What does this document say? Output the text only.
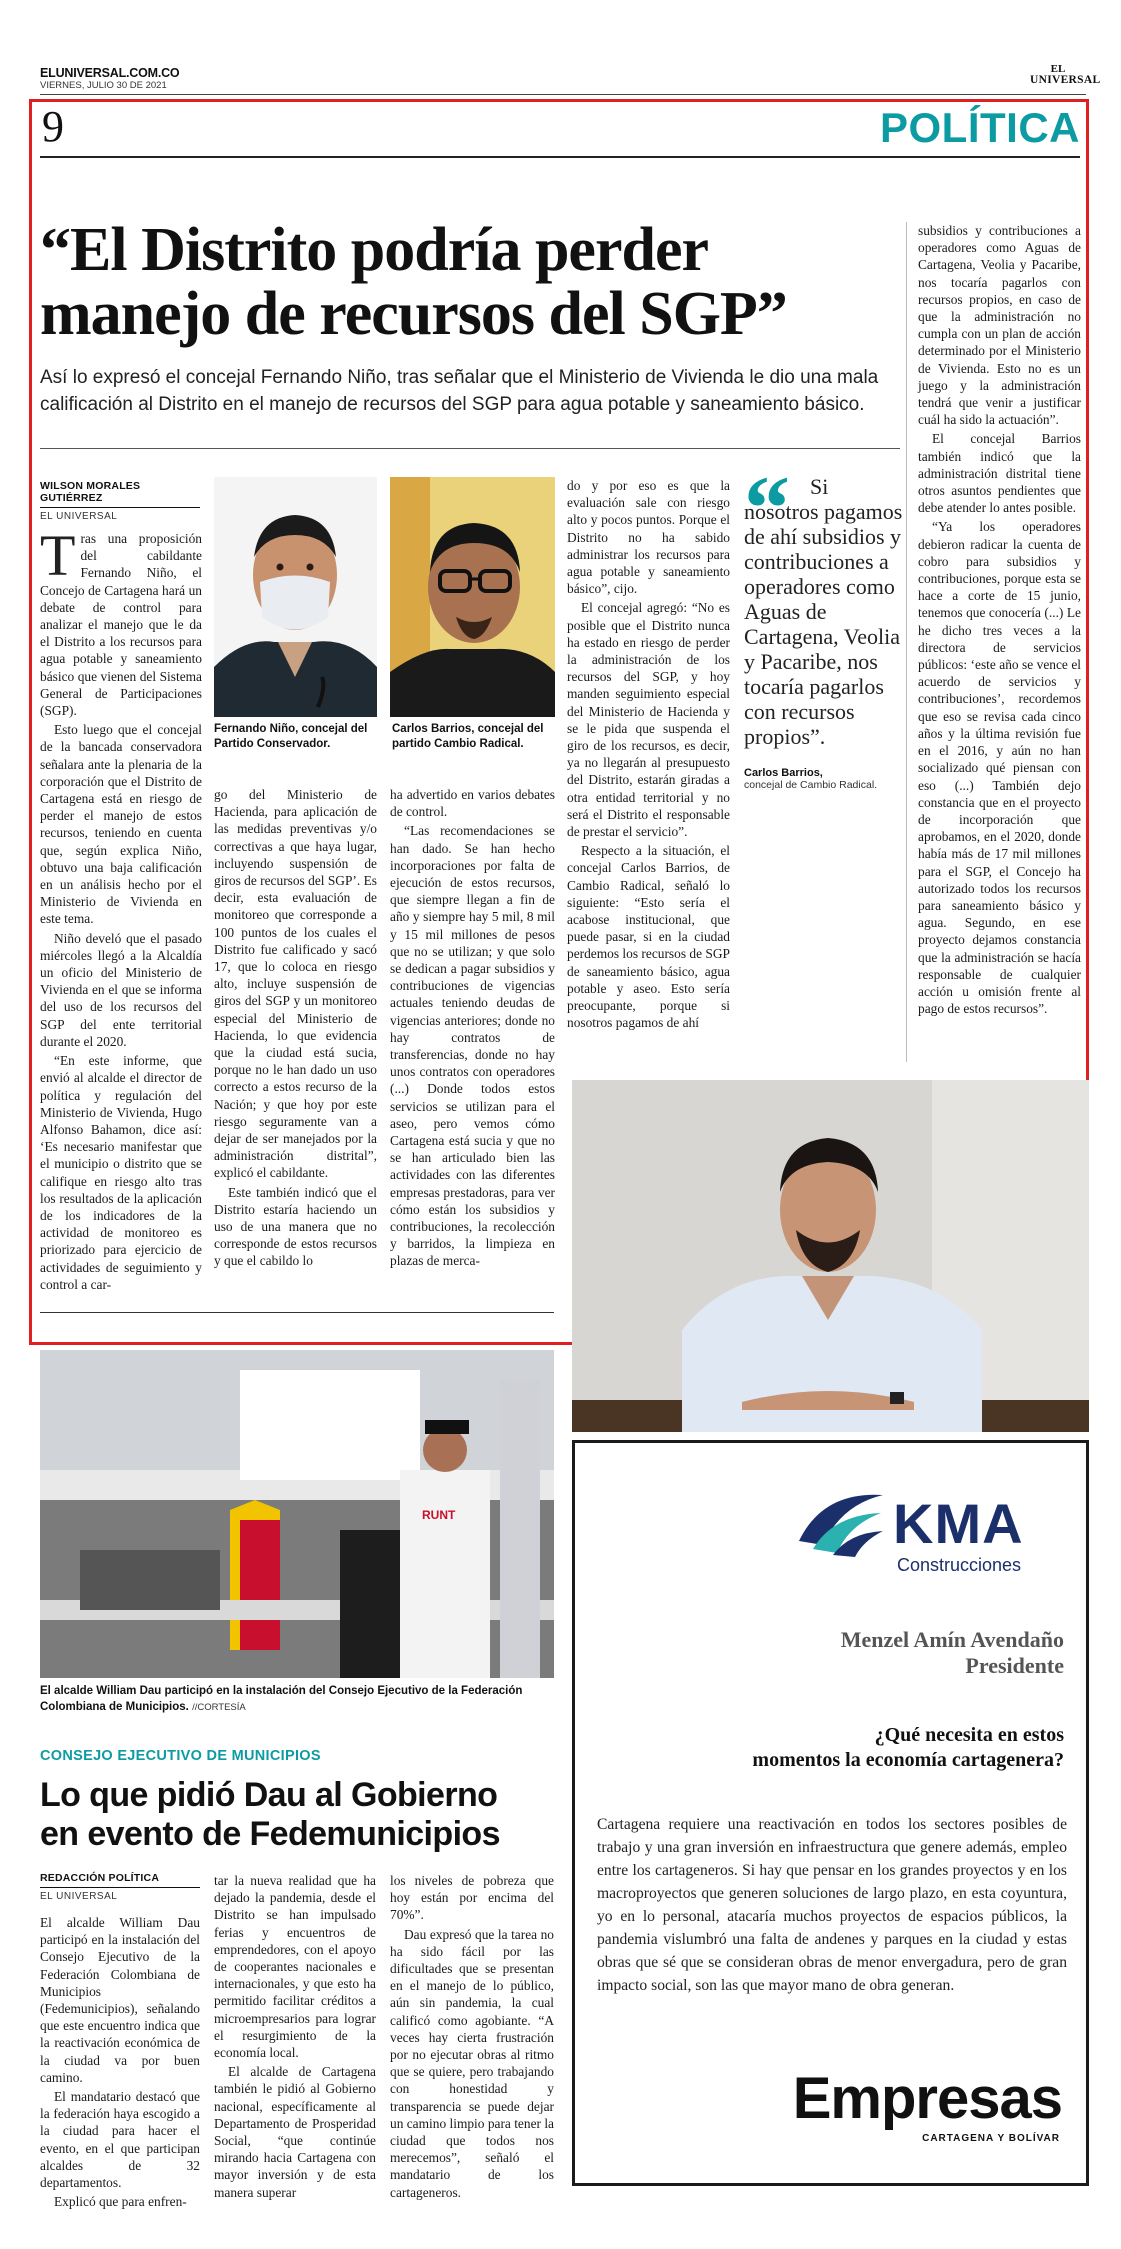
ELUNIVERSAL.COM.CO
VIERNES, JULIO 30 DE 2021
EL
UNIVERSAL
9	POLÍTICA
“El Distrito podría perder
manejo de recursos del SGP”
Así lo expresó el concejal Fernando Niño, tras señalar que el Ministerio de Vivienda le dio una mala calificación al Distrito en el manejo de recursos del SGP para agua potable y saneamiento básico.
WILSON MORALES GUTIÉRREZ
EL UNIVERSAL

Tras una proposición del cabildante Fernando Niño, el Concejo de Cartagena hará un debate de control para analizar el manejo que le da el Distrito a los recursos para agua potable y saneamiento básico que vienen del Sistema General de Participaciones (SGP).

Esto luego que el concejal de la bancada conservadora señalara ante la plenaria de la corporación que el Distrito de Cartagena está en riesgo de perder el manejo de estos recursos, teniendo en cuenta que, según explica Niño, obtuvo una baja calificación en un análisis hecho por el Ministerio de Vivienda en este tema.

Niño develó que el pasado miércoles llegó a la Alcaldía un oficio del Ministerio de Vivienda en el que se informa del uso de los recursos del SGP del ente territorial durante el 2020.

“En este informe, que envió al alcalde el director de política y regulación del Ministerio de Vivienda, Hugo Alfonso Bahamon, dice así: ‘Es necesario manifestar que el municipio o distrito que se califique en riesgo alto tras los resultados de la aplicación de los indicadores de la actividad de monitoreo es priorizado para ejercicio de actividades de seguimiento y control a car-

Fernando Niño, concejal del Partido Conservador.
Carlos Barrios, concejal del partido Cambio Radical.

go del Ministerio de Hacienda, para aplicación de las medidas preventivas y/o correctivas a que haya lugar, incluyendo suspensión de giros de recursos del SGP’. Es decir, esta evaluación de monitoreo que corresponde a 100 puntos de los cuales el Distrito fue calificado y sacó 17, que lo coloca en riesgo alto, incluye suspensión de giros del SGP y un monitoreo especial del Ministerio de Hacienda, lo que evidencia que la ciudad está sucia, porque no le han dado un uso correcto a estos recurso de la Nación; y que hoy por este riesgo seguramente van a dejar de ser manejados por la administración distrital”, explicó el cabildante.

Este también indicó que el Distrito estaría haciendo un uso de una manera que no corresponde de estos recursos y que el cabildo lo

ha advertido en varios debates de control.

“Las recomendaciones se han dado. Se han hecho incorporaciones por falta de ejecución de estos recursos, que siempre llegan a fin de año y siempre hay 5 mil, 8 mil y 15 mil millones de pesos que no se utilizan; y que solo se dedican a pagar subsidios y contribuciones de vigencias actuales teniendo deudas de vigencias anteriores; donde no hay contratos de transferencias, donde no hay unos contratos con operadores (...) Donde todos estos servicios se utilizan para el aseo, pero vemos cómo Cartagena está sucia y que no se han articulado bien las actividades con las diferentes empresas prestadoras, para ver cómo están los subsidios y contribuciones, la recolección y barridos, la limpieza en plazas de merca-

do y por eso es que la evaluación sale con riesgo alto y pocos puntos. Porque el Distrito no ha sabido administrar los recursos para agua potable y saneamiento básico”, cijo.

El concejal agregó: “No es posible que el Distrito nunca ha estado en riesgo de perder la administración de los recursos del SGP, y hoy manden seguimiento especial del Ministerio de Hacienda y se le pida que suspenda el giro de los recursos, es decir, ya no llegarán al presupuesto del Distrito, estarán giradas a otra entidad territorial y no será el Distrito el responsable de prestar el servicio”.

Respecto a la situación, el concejal Carlos Barrios, de Cambio Radical, señaló lo siguiente: “Esto sería el acabose institucional, que puede pasar, si en la ciudad perdemos los recursos de SGP de saneamiento básico, agua potable y aseo. Esto sería preocupante, porque si nosotros pagamos de ahí

“ Si nosotros pagamos de ahí subsidios y contribuciones a operadores como Aguas de Cartagena, Veolia y Pacaribe, nos tocaría pagarlos con recursos propios”.
Carlos Barrios,
concejal de Cambio Radical.

subsidios y contribuciones a operadores como Aguas de Cartagena, Veolia y Pacaribe, nos tocaría pagarlos con recursos propios, en caso de que la administración no cumpla con un plan de acción determinado por el Ministerio de Vivienda. Esto no es un juego y la administración tendrá que venir a justificar cuál ha sido la actuación”.

El concejal Barrios también indicó que la administración distrital tiene otros asuntos pendientes que debe atender lo antes posible.

“Ya los operadores debieron radicar la cuenta de cobro para subsidios y contribuciones, porque esta se hace a corte de 15 junio, tenemos que conocería (...) Le he dicho tres veces a la directora de servicios públicos: ‘este año se vence el acuerdo de servicios y contribuciones’, recordemos que eso se revisa cada cinco años y la última revisión fue en el 2016, y aún no han socializado qué piensan con eso (...) También dejo constancia que en el proyecto de incorporación que aprobamos, en el 2020, donde había más de 17 mil millones para el SGP, el Concejo ha autorizado todos los recursos para saneamiento básico y agua. Segundo, en ese proyecto dejamos constancia que la administración se hacía responsable de cualquier acción u omisión frente al pago de estos recursos”.

RUNT
El alcalde William Dau participó en la instalación del Consejo Ejecutivo de la Federación Colombiana de Municipios. //CORTESÍA
CONSEJO EJECUTIVO DE MUNICIPIOS
Lo que pidió Dau al Gobierno
en evento de Fedemunicipios
REDACCIÓN POLÍTICA
EL UNIVERSAL

El alcalde William Dau participó en la instalación del Consejo Ejecutivo de la Federación Colombiana de Municipios (Fedemunicipios), señalando que este encuentro indica que la reactivación económica de la ciudad va por buen camino.

El mandatario destacó que la federación haya escogido a la ciudad para hacer el evento, en el que participan alcaldes de 32 departamentos.

Explicó que para enfren-

tar la nueva realidad que ha dejado la pandemia, desde el Distrito se han impulsado ferias y encuentros de emprendedores, con el apoyo de cooperantes nacionales e internacionales, y que esto ha permitido facilitar créditos a microempresarios para lograr el resurgimiento de la economía local.

El alcalde de Cartagena también le pidió al Gobierno nacional, específicamente al Departamento de Prosperidad Social, “que continúe mirando hacia Cartagena con mayor inversión y de esta manera superar

los niveles de pobreza que hoy están por encima del 70%”.

Dau expresó que la tarea no ha sido fácil por las dificultades que se presentan en el manejo de lo público, aún sin pandemia, la cual calificó como agobiante. “A veces hay cierta frustración por no ejecutar obras al ritmo que se quiere, pero trabajando con honestidad y transparencia se puede dejar un camino limpio para tener la ciudad que todos nos merecemos”, señaló el mandatario de los cartageneros.

KMA
Construcciones
Menzel Amín Avendaño
Presidente
¿Qué necesita en estos
momentos la economía cartagenera?
Cartagena requiere una reactivación en todos los sectores posibles de trabajo y una gran inversión en infraestructura que genere además, empleo entre los cartageneros. Si hay que pensar en los grandes proyectos y en los macroproyectos que generen soluciones de largo plazo, en esta coyuntura, yo en lo personal, atacaría muchos proyectos de espacios públicos, la pandemia vislumbró una falta de andenes y parques en la ciudad y estas obras que sé que se consideran obras de menor envergadura, pero de gran impacto social, son las que mayor mano de obra generan.
Empresas
CARTAGENA Y BOLÍVAR
